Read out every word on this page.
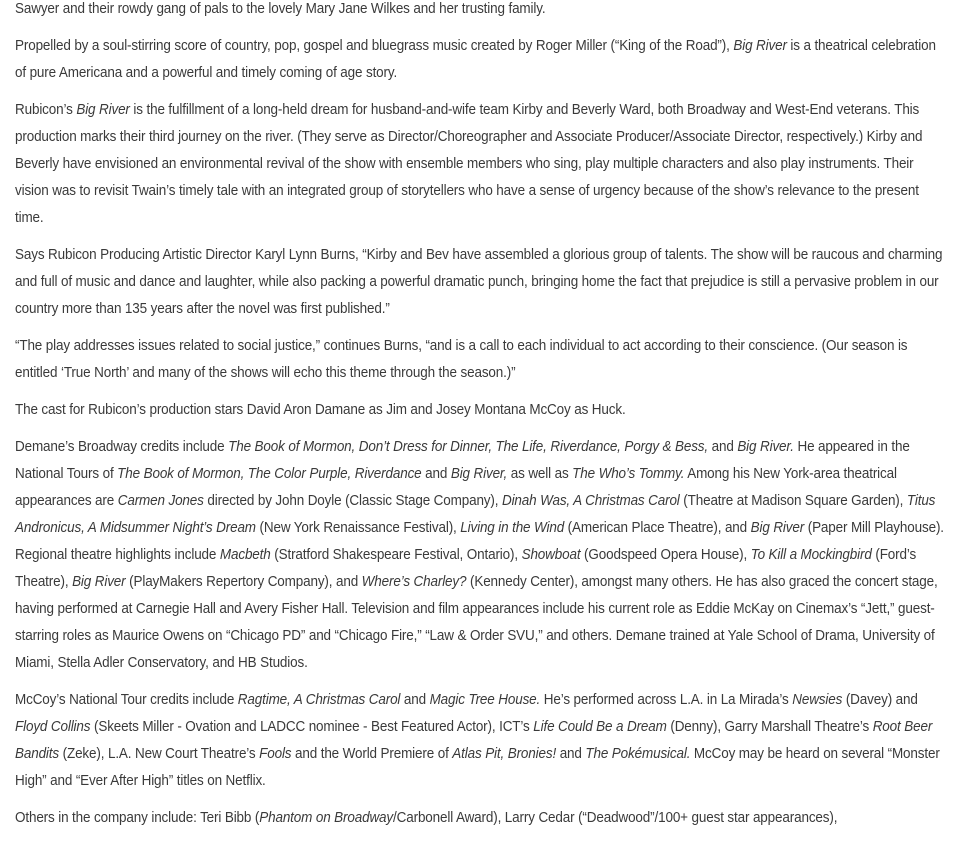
Sawyer and their rowdy gang of pals to the lovely Mary Jane Wilkes and her trusting family.

Propelled by a soul-stirring score of country, pop, gospel and bluegrass music created by Roger Miller (“King of the Road”), Big River is a theatrical celebration of pure Americana and a powerful and timely coming of age story.

Rubicon’s Big River is the fulfillment of a long-held dream for husband-and-wife team Kirby and Beverly Ward, both Broadway and West-End veterans. This production marks their third journey on the river. (They serve as Director/Choreographer and Associate Producer/Associate Director, respectively.) Kirby and Beverly have envisioned an environmental revival of the show with ensemble members who sing, play multiple characters and also play instruments. Their vision was to revisit Twain’s timely tale with an integrated group of storytellers who have a sense of urgency because of the show’s relevance to the present time.

Says Rubicon Producing Artistic Director Karyl Lynn Burns, “Kirby and Bev have assembled a glorious group of talents. The show will be raucous and charming and full of music and dance and laughter, while also packing a powerful dramatic punch, bringing home the fact that prejudice is still a pervasive problem in our country more than 135 years after the novel was first published.”

“The play addresses issues related to social justice,” continues Burns, “and is a call to each individual to act according to their conscience. (Our season is entitled ‘True North’ and many of the shows will echo this theme through the season.)”

The cast for Rubicon’s production stars David Aron Damane as Jim and Josey Montana McCoy as Huck.

Demane’s Broadway credits include The Book of Mormon, Don’t Dress for Dinner, The Life, Riverdance, Porgy & Bess, and Big River. He appeared in the National Tours of The Book of Mormon, The Color Purple, Riverdance and Big River, as well as The Who’s Tommy. Among his New York-area theatrical appearances are Carmen Jones directed by John Doyle (Classic Stage Company), Dinah Was, A Christmas Carol (Theatre at Madison Square Garden), Titus Andronicus, A Midsummer Night’s Dream (New York Renaissance Festival), Living in the Wind (American Place Theatre), and Big River (Paper Mill Playhouse). Regional theatre highlights include Macbeth (Stratford Shakespeare Festival, Ontario), Showboat (Goodspeed Opera House), To Kill a Mockingbird (Ford’s Theatre), Big River (PlayMakers Repertory Company), and Where’s Charley? (Kennedy Center), amongst many others. He has also graced the concert stage, having performed at Carnegie Hall and Avery Fisher Hall. Television and film appearances include his current role as Eddie McKay on Cinemax’s “Jett,” guest-starring roles as Maurice Owens on “Chicago PD” and “Chicago Fire,” “Law & Order SVU,” and others. Demane trained at Yale School of Drama, University of Miami, Stella Adler Conservatory, and HB Studios.

McCoy’s National Tour credits include Ragtime, A Christmas Carol and Magic Tree House. He’s performed across L.A. in La Mirada’s Newsies (Davey) and Floyd Collins (Skeets Miller - Ovation and LADCC nominee - Best Featured Actor), ICT’s Life Could Be a Dream (Denny), Garry Marshall Theatre’s Root Beer Bandits (Zeke), L.A. New Court Theatre’s Fools and the World Premiere of Atlas Pit, Bronies! and The Pokémusical. McCoy may be heard on several “Monster High” and “Ever After High” titles on Netflix.

Others in the company include: Teri Bibb (Phantom on Broadway/Carbonell Award), Larry Cedar (“Deadwood”/100+ guest star appearances),
